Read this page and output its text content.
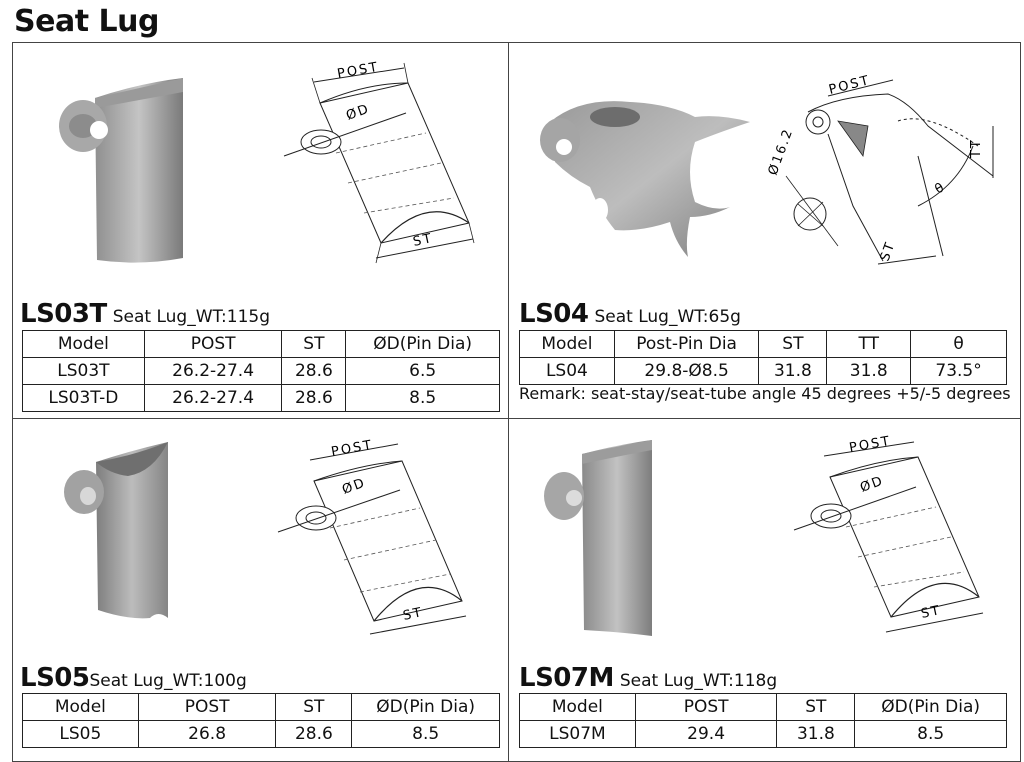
Seat Lug
POST
ØD
ST
LS03T Seat Lug_WT:115g
Model	POST	ST	ØD(Pin Dia)
LS03T	26.2-27.4	28.6	6.5
LS03T-D	26.2-27.4	28.6	8.5
POST
Ø16.2	TT
θ
ST
LS04 Seat Lug_WT:65g
Model	Post-Pin Dia	ST	TT	θ
LS04	29.8-Ø8.5	31.8	31.8	73.5°
Remark: seat-stay/seat-tube angle 45 degrees +5/-5 degrees
POST
ØD
ST
LS05Seat Lug_WT:100g
Model	POST	ST	ØD(Pin Dia)
LS05	26.8	28.6	8.5
POST
ØD
ST
LS07M Seat Lug_WT:118g
Model	POST	ST	ØD(Pin Dia)
LS07M	29.4	31.8	8.5
